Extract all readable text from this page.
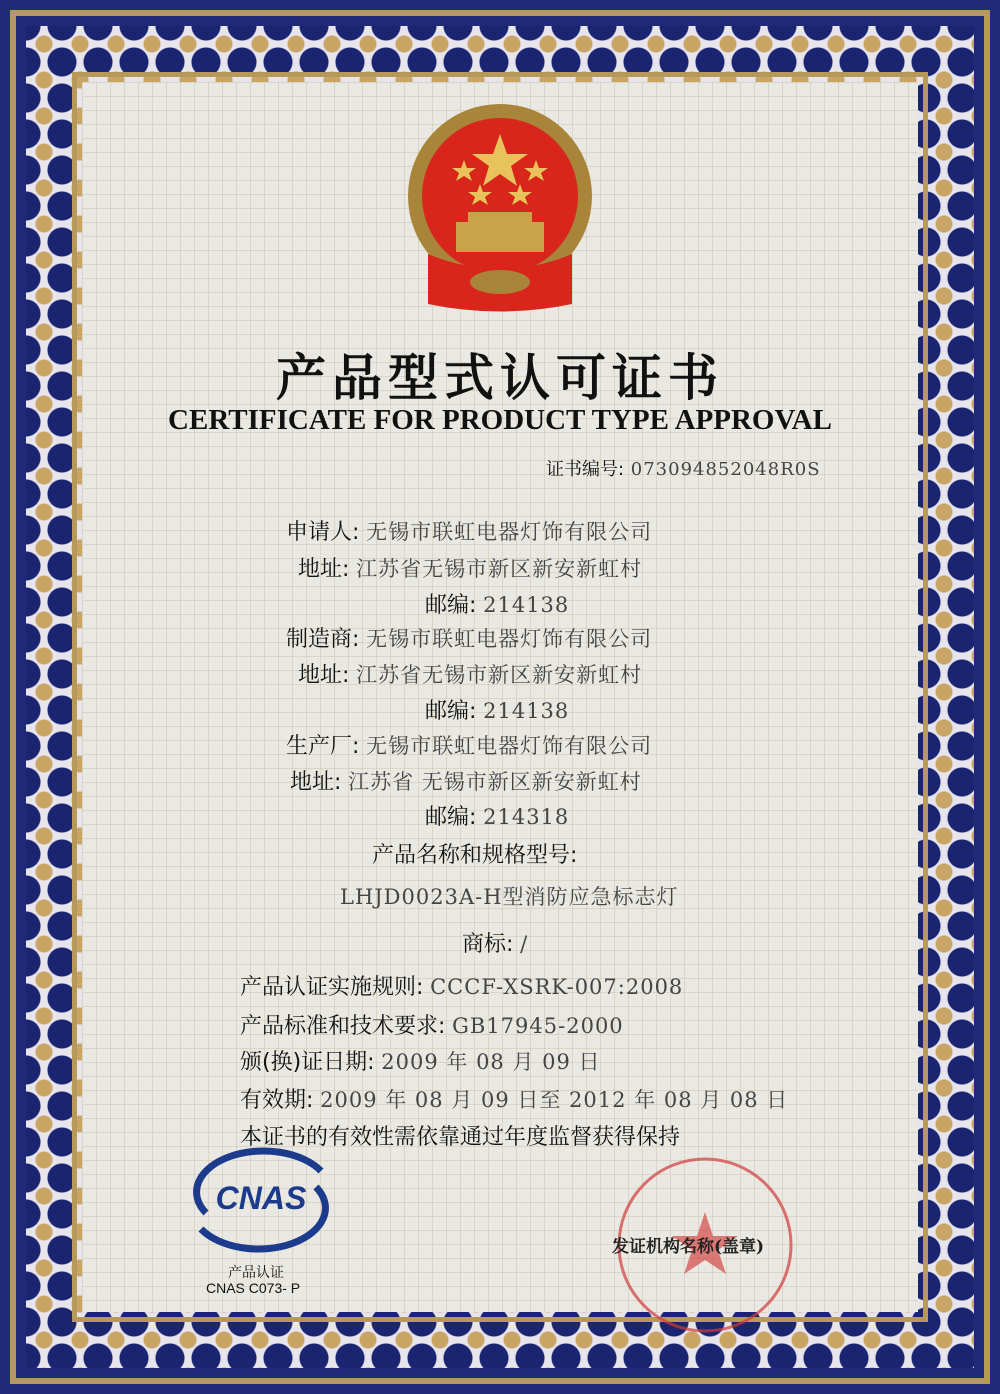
产品型式认可证书
CERTIFICATE FOR PRODUCT TYPE APPROVAL
证书编号: 073094852048R0S
申请人: 无锡市联虹电器灯饰有限公司
地址: 江苏省无锡市新区新安新虹村
邮编: 214138
制造商: 无锡市联虹电器灯饰有限公司
地址: 江苏省无锡市新区新安新虹村
邮编: 214138
生产厂: 无锡市联虹电器灯饰有限公司
地址: 江苏省 无锡市新区新安新虹村
邮编: 214318
产品名称和规格型号:
LHJD0023A-H型消防应急标志灯
商标: /
产品认证实施规则: CCCF-XSRK-007:2008
产品标准和技术要求: GB17945-2000
颁(换)证日期: 2009 年 08 月 09 日
有效期: 2009 年 08 月 09 日至 2012 年 08 月 08 日
本证书的有效性需依靠通过年度监督获得保持
CNAS
产品认证
CNAS C073- P
发证机构名称(盖章)
